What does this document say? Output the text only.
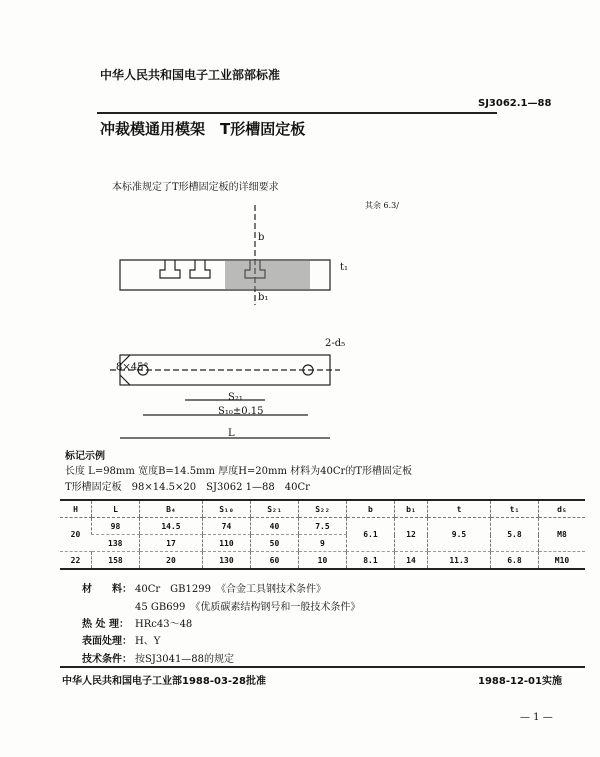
中华人民共和国电子工业部部标准
SJ3062.1—88
冲裁模通用模架　T形槽固定板
本标准规定了T形槽固定板的详细要求
其余 6.3/
b
b₁
t₁
8×45°
2-d₅
S₂₁
S₁₀±0.15
L
标记示例
长度 L=98mm 宽度B=14.5mm 厚度H=20mm 材料为40Cr的T形槽固定板
T形槽固定板　98×14.5×20　SJ3062 1—88　40Cr
H	L	B₄	S₁₀	S₂₁	S₂₂	b	b₁	t	t₁	d₅
20	98	14.5	74	40	7.5	6.1	12	9.5	5.8	M8
	138	17	110	50	9					
22	158	20	130	60	10	8.1	14	11.3	6.8	M10
材　　料： 40Cr　GB1299　《合金工具钢技术条件》
45 GB699　《优质碳素结构钢号和一般技术条件》
热 处 理： HRc43～48
表面处理： H、Y
技术条件： 按SJ3041—88的规定
中华人民共和国电子工业部1988-03-28批准	1988-12-01实施
— 1 —
